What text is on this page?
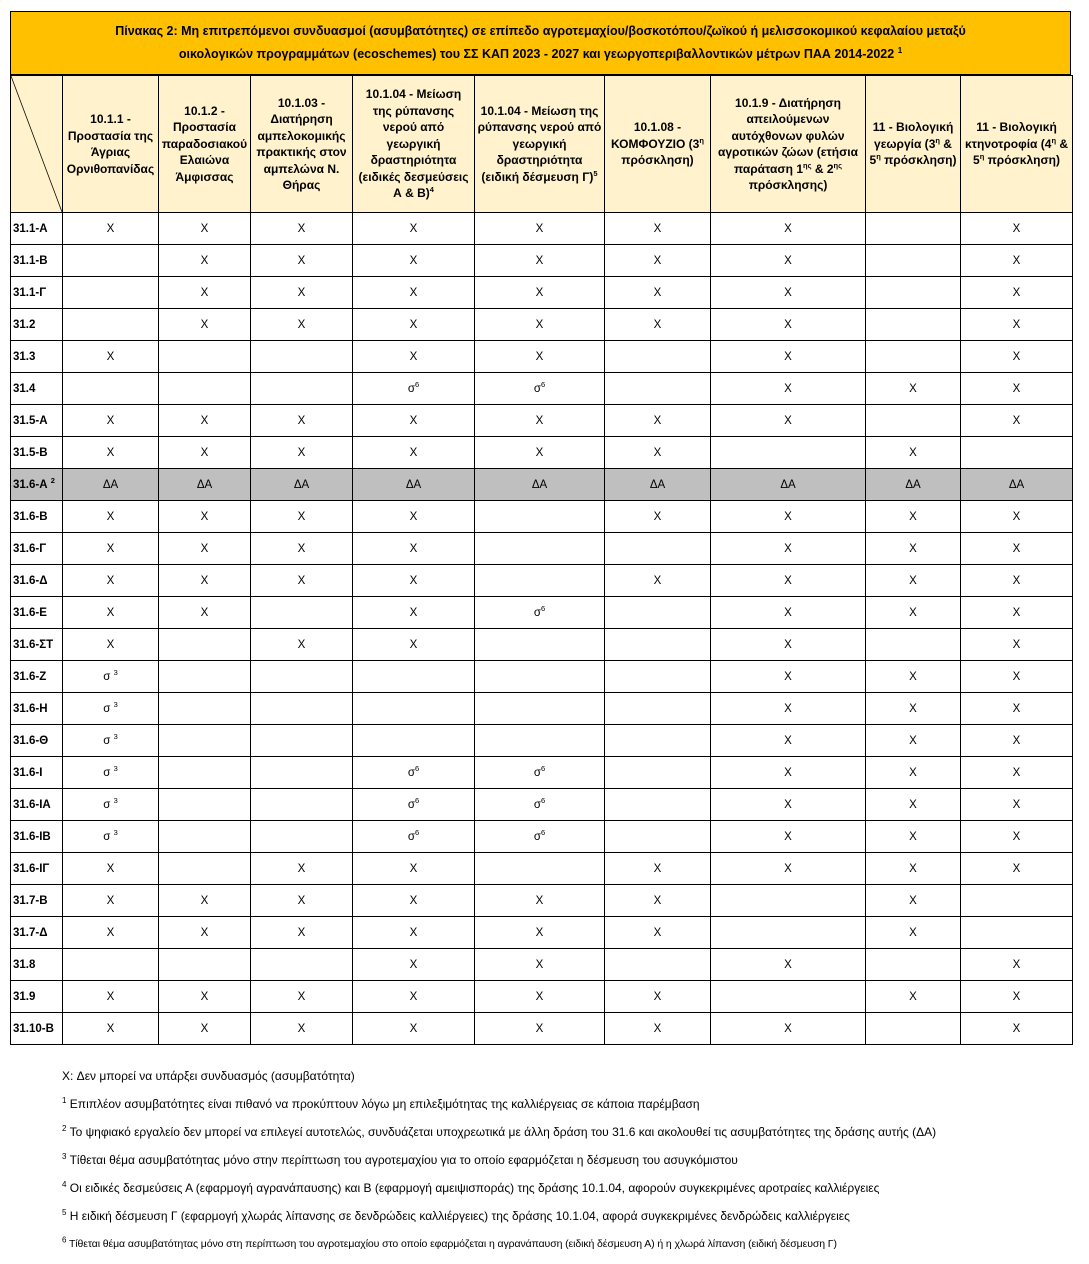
Πίνακας 2: Μη επιτρεπόμενοι συνδυασμοί (ασυμβατότητες) σε επίπεδο αγροτεμαχίου/βοσκοτόπου/ζωϊκού ή μελισσοκομικού κεφαλαίου μεταξύ
οικολογικών προγραμμάτων (ecoschemes) του ΣΣ ΚΑΠ 2023 - 2027 και γεωργοπεριβαλλοντικών μέτρων ΠΑΑ 2014-2022 $^1$
	10.1.1 - Προστασία της Άγριας Ορνιθοπανίδας	10.1.2 - Προστασία παραδοσιακού Ελαιώνα Άμφισσας	10.1.03 - Διατήρηση αμπελοκομικής πρακτικής στον αμπελώνα Ν. Θήρας	10.1.04 - Μείωση της ρύπανσης νερού από γεωργική δραστηριότητα (ειδικές δεσμεύσεις Α & Β)$^4$	10.1.04 - Μείωση της ρύπανσης νερού από γεωργική δραστηριότητα (ειδική δέσμευση Γ)$^5$	10.1.08 - ΚΟΜΦΟΥΖΙΟ ($3^\eta$ πρόσκληση)	10.1.9 - Διατήρηση απειλούμενων αυτόχθονων φυλών αγροτικών ζώων (ετήσια παράταση $1^{\eta\varsigma}$ & $2^{\eta\varsigma}$ πρόσκλησης)	11 - Βιολογική γεωργία ($3^\eta$ & $5^\eta$ πρόσκληση)	11 - Βιολογική κτηνοτροφία ($4^\eta$ & $5^\eta$ πρόσκληση)
31.1-Α	X	X	X	X	X	X	X		X
31.1-Β		X	X	X	X	X	X		X
31.1-Γ		X	X	X	X	X	X		X
31.2		X	X	X	X	X	X		X
31.3	X			X	X		X		X
31.4				$\sigma^6$	$\sigma^6$		X	X	X
31.5-Α	X	X	X	X	X	X	X		X
31.5-Β	X	X	X	X	X	X		X	
31.6-Α $^2$	ΔΑ	ΔΑ	ΔΑ	ΔΑ	ΔΑ	ΔΑ	ΔΑ	ΔΑ	ΔΑ
31.6-Β	X	X	X	X		X	X	X	X
31.6-Γ	X	X	X	X			X	X	X
31.6-Δ	X	X	X	X		X	X	X	X
31.6-Ε	X	X		X	$\sigma^6$		X	X	X
31.6-ΣΤ	X		X	X			X		X
31.6-Ζ	σ $^3$						X	X	X
31.6-Η	σ $^3$						X	X	X
31.6-Θ	σ $^3$						X	X	X
31.6-Ι	σ $^3$			$\sigma^6$	$\sigma^6$		X	X	X
31.6-ΙΑ	σ $^3$			$\sigma^6$	$\sigma^6$		X	X	X
31.6-ΙΒ	σ $^3$			$\sigma^6$	$\sigma^6$		X	X	X
31.6-ΙΓ	X		X	X		X	X	X	X
31.7-Β	X	X	X	X	X	X		X	
31.7-Δ	X	X	X	X	X	X		X	
31.8				X	X		X		X
31.9	X	X	X	X	X	X		X	X
31.10-Β	X	X	X	X	X	X	X		X
X: Δεν μπορεί να υπάρξει συνδυασμός (ασυμβατότητα)
$^1$ Επιπλέον ασυμβατότητες είναι πιθανό να προκύπτουν λόγω μη επιλεξιμότητας της καλλιέργειας σε κάποια παρέμβαση
$^2$ Το ψηφιακό εργαλείο δεν μπορεί να επιλεγεί αυτοτελώς, συνδυάζεται υποχρεωτικά με άλλη δράση του 31.6 και ακολουθεί τις ασυμβατότητες της δράσης αυτής (ΔΑ)
$^3$ Τίθεται θέμα ασυμβατότητας μόνο στην περίπτωση του αγροτεμαχίου για το οποίο εφαρμόζεται η δέσμευση του ασυγκόμιστου
$^4$ Οι ειδικές δεσμεύσεις Α (εφαρμογή αγρανάπαυσης) και Β (εφαρμογή αμειψισποράς) της δράσης 10.1.04, αφορούν συγκεκριμένες αροτραίες καλλιέργειες
$^5$ Η ειδική δέσμευση Γ (εφαρμογή χλωράς λίπανσης σε δενδρώδεις καλλιέργειες) της δράσης 10.1.04, αφορά συγκεκριμένες δενδρώδεις καλλιέργειες
$^6$ Τίθεται θέμα ασυμβατότητας μόνο στη περίπτωση του αγροτεμαχίου στο οποίο εφαρμόζεται η αγρανάπαυση (ειδική δέσμευση Α) ή η χλωρά λίπανση (ειδική δέσμευση Γ)
